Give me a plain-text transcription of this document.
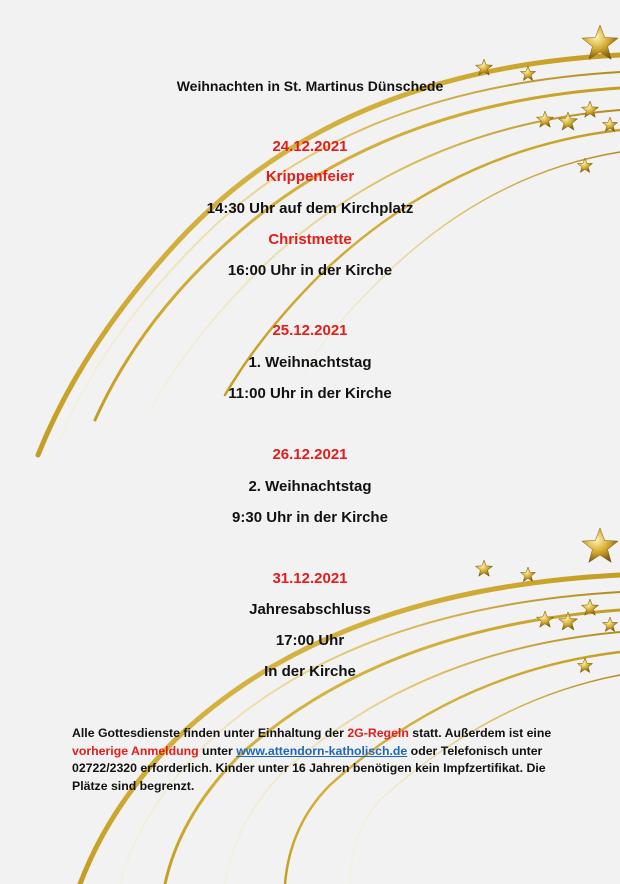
Weihnachten in St. Martinus Dünschede
24.12.2021
Krippenfeier
14:30 Uhr auf dem Kirchplatz
Christmette
16:00 Uhr in der Kirche
25.12.2021
1. Weihnachtstag
11:00 Uhr in der Kirche
26.12.2021
2. Weihnachtstag
9:30 Uhr in der Kirche
31.12.2021
Jahresabschluss
17:00 Uhr
In der Kirche
Alle Gottesdienste finden unter Einhaltung der 2G-Regeln statt. Außerdem ist eine vorherige Anmeldung unter www.attendorn-katholisch.de oder Telefonisch unter 02722/2320 erforderlich. Kinder unter 16 Jahren benötigen kein Impfzertifikat. Die Plätze sind begrenzt.
